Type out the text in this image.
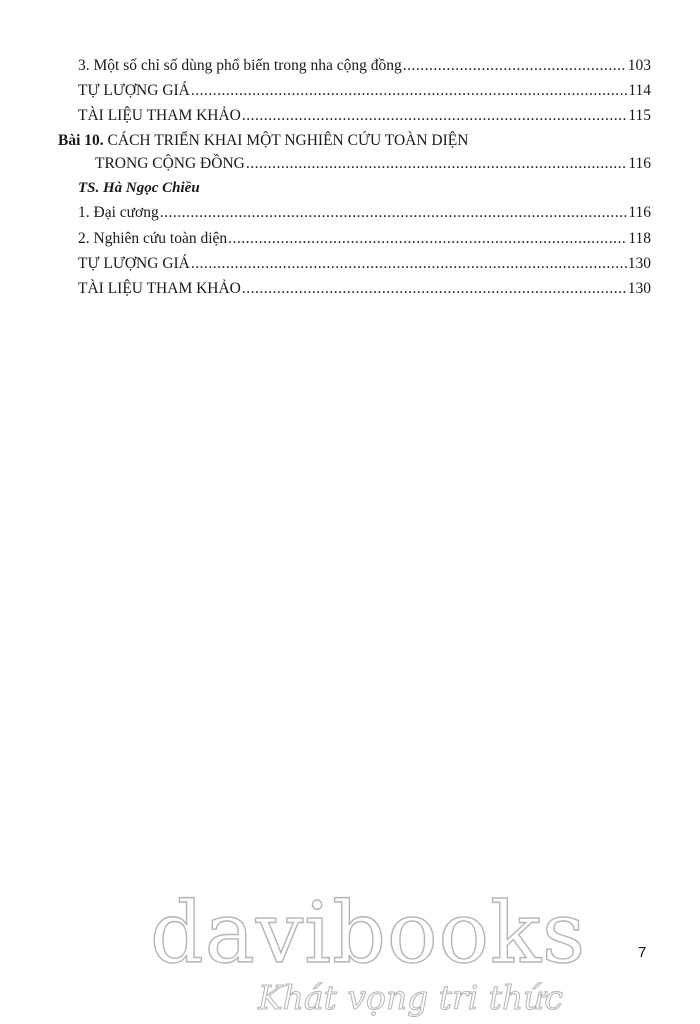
3. Một số chỉ số dùng phổ biến trong nha cộng đồng .....	103
TỰ LƯỢNG GIÁ .....	114
TÀI LIỆU THAM KHẢO .....	115
Bài 10. CÁCH TRIỂN KHAI MỘT NGHIÊN CỨU TOÀN DIỆN
TRONG CỘNG ĐỒNG .....	116
TS. Hà Ngọc Chiều
1. Đại cương .....	116
2. Nghiên cứu toàn diện .....	118
TỰ LƯỢNG GIÁ .....	130
TÀI LIỆU THAM KHẢO .....	130
7
davibooks
Khát vọng tri thức
